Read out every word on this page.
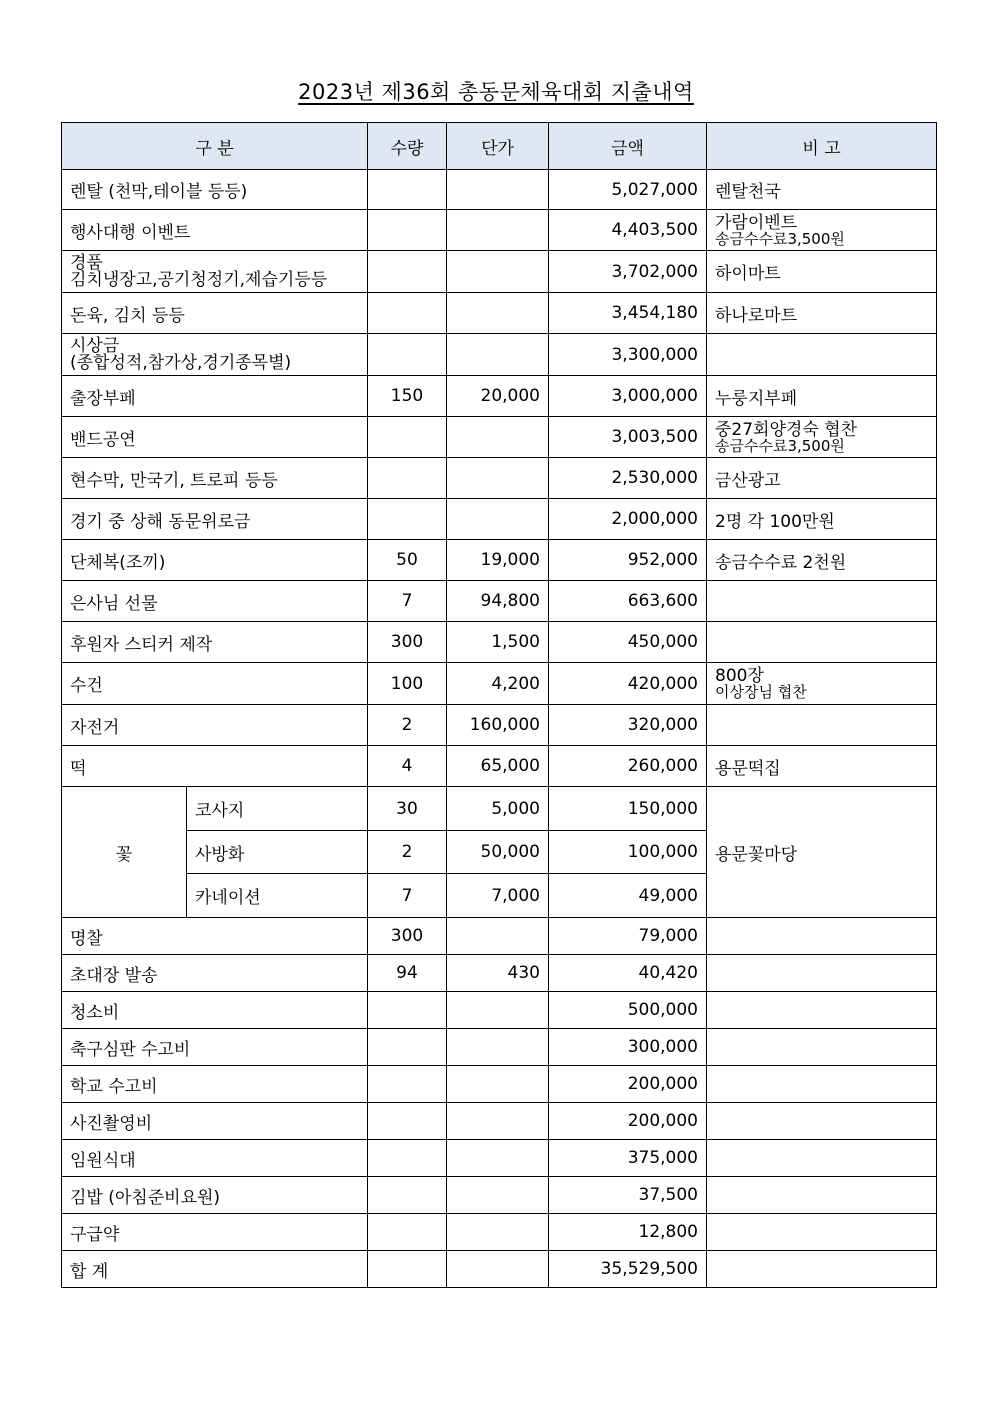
2023년 제36회 총동문체육대회 지출내역
구 분		수량	단가	금액	비 고
렌탈 (천막,테이블 등등)				5,027,000	렌탈천국
행사대행 이벤트				4,403,500	가람이벤트
송금수수료3,500원

경품
김치냉장고,공기청정기,제습기등등				3,702,000	하이마트
돈육, 김치 등등				3,454,180	하나로마트

시상금
(종합성적,참가상,경기종목별)				3,300,000	
출장부페		150	20,000	3,000,000	누룽지부페
밴드공연				3,003,500	중27회양경숙 협찬
송금수수료3,500원

현수막, 만국기, 트로피 등등				2,530,000	금산광고
경기 중 상해 동문위로금				2,000,000	2명 각 100만원
단체복(조끼)		50	19,000	952,000	송금수수료 2천원
은사님 선물		7	94,800	663,600	
후원자 스티커 제작		300	1,500	450,000	
수건		100	4,200	420,000	800장
이상장님 협찬

자전거		2	160,000	320,000	
떡		4	65,000	260,000	용문떡집
꽃	코사지	30	5,000	150,000	용문꽃마당
	사방화	2	50,000	100,000	
	카네이션	7	7,000	49,000	
명찰		300		79,000	
초대장 발송		94	430	40,420	
청소비				500,000	
축구심판 수고비				300,000	
학교 수고비				200,000	
사진촬영비				200,000	
임원식대				375,000	
김밥 (아침준비요원)				37,500	
구급약				12,800	
합 계				35,529,500	
